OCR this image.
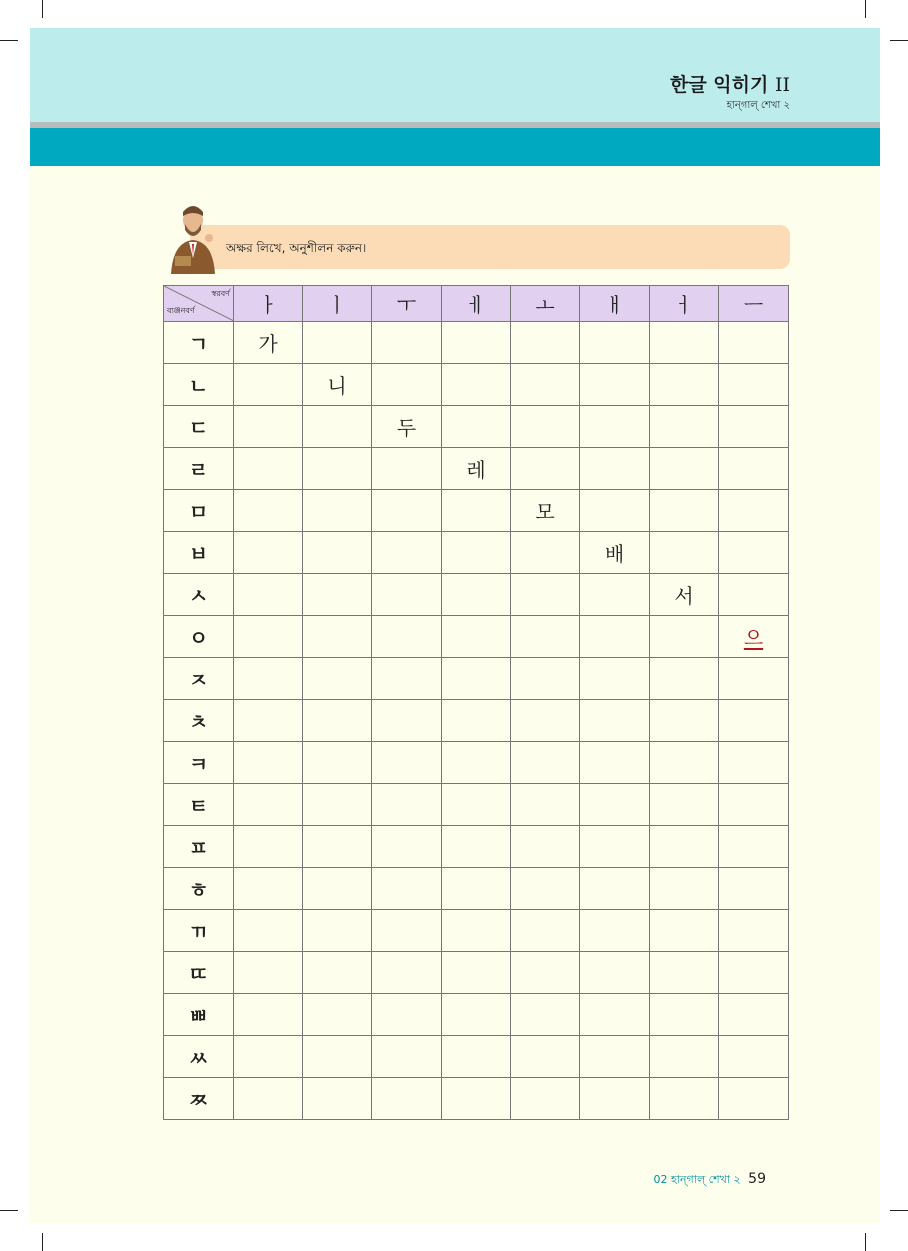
한글 익히기 II
হান্গাল্ শেখা ২
অক্ষর লিখে, অনুশীলন করুন।
স্বরবর্ণ
ব্যঞ্জনবর্ণ	ㅏ	ㅣ	ㅜ	ㅔ	ㅗ	ㅐ	ㅓ	ㅡ
ㄱ	가							
ㄴ		니						
ㄷ			두					
ㄹ				레				
ㅁ					모			
ㅂ						배		
ㅅ							서	
ㅇ								으
ㅈ								
ㅊ								
ㅋ								
ㅌ								
ㅍ								
ㅎ								
ㄲ								
ㄸ								
ㅃ								
ㅆ								
ㅉ								
02 হান্গাল্ শেখা ২ 59
